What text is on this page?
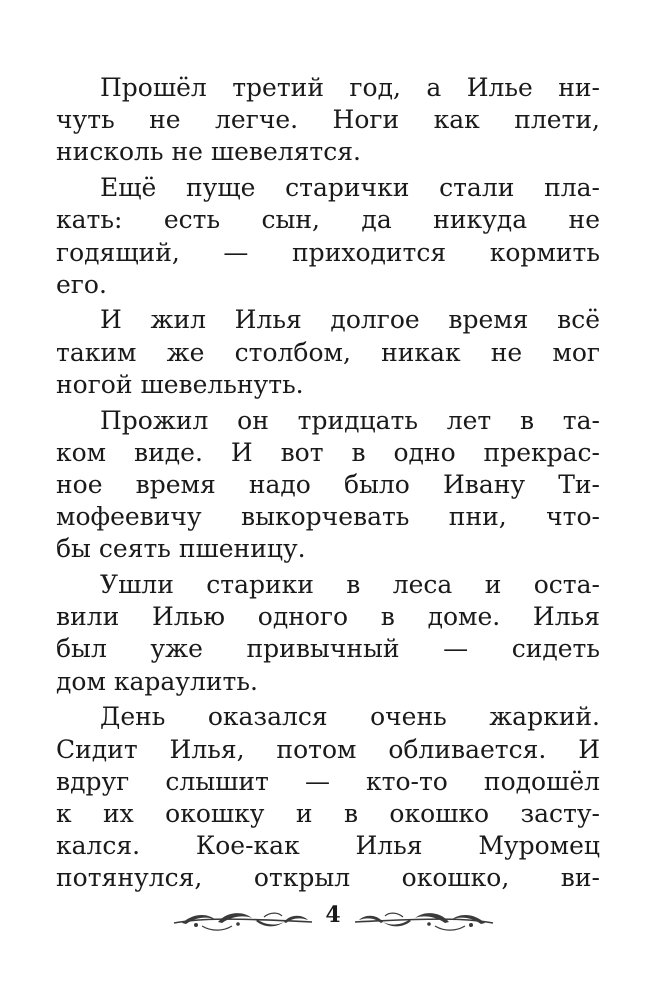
Прошёл третий год, а Илье ни-
чуть не легче. Ноги как плети,
нисколь не шевелятся.
Ещё пуще старички стали пла-
кать: есть сын, да никуда не
годящий, — приходится кормить
его.
И жил Илья долгое время всё
таким же столбом, никак не мог
ногой шевельнуть.
Прожил он тридцать лет в та-
ком виде. И вот в одно прекрас-
ное время надо было Ивану Ти-
мофеевичу выкорчевать пни, что-
бы сеять пшеницу.
Ушли старики в леса и оста-
вили Илью одного в доме. Илья
был уже привычный — сидеть
дом караулить.
День оказался очень жаркий.
Сидит Илья, потом обливается. И
вдруг слышит — кто-то подошёл
к их окошку и в окошко засту-
кался. Кое-как Илья Муромец
потянулся, открыл окошко, ви-
4
